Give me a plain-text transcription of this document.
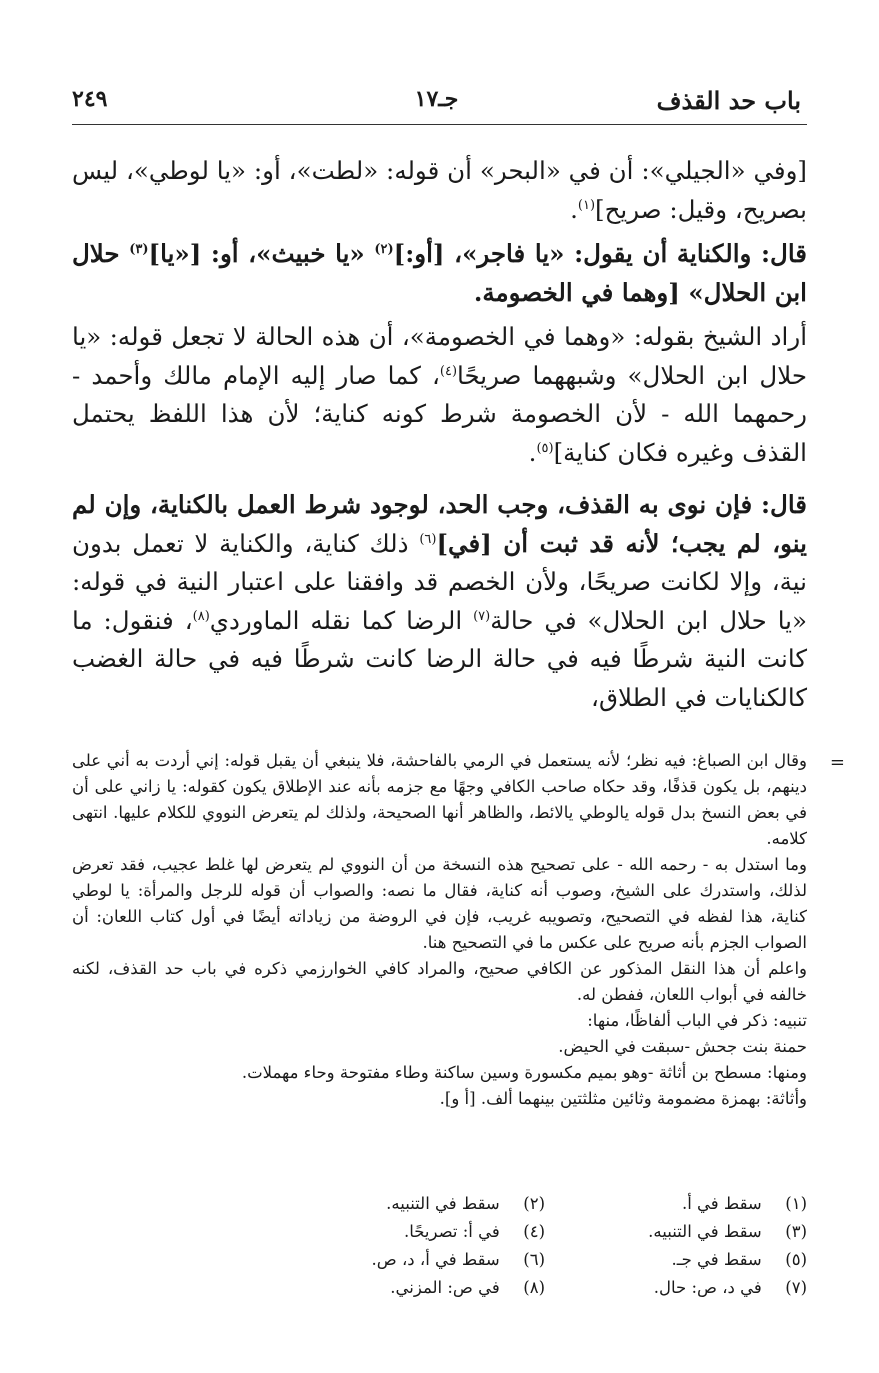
باب حد القذف
جـ١٧
٢٤٩

[وفي «الجيلي»: أن في «البحر» أن قوله: «لطت»، أو: «يا لوطي»، ليس بصريح، وقيل: صريح]$^{(١)}$.

قال: والكناية أن يقول: «يا فاجر»، [أو:]$^{(٢)}$ «يا خبيث»، أو: [«يا]$^{(٣)}$ حلال ابن الحلال» [وهما في الخصومة.

أراد الشيخ بقوله: «وهما في الخصومة»، أن هذه الحالة لا تجعل قوله: «يا حلال ابن الحلال» وشبههما صريحًا$^{(٤)}$، كما صار إليه الإمام مالك وأحمد - رحمهما الله - لأن الخصومة شرط كونه كناية؛ لأن هذا اللفظ يحتمل القذف وغيره فكان كناية]$^{(٥)}$.

قال: فإن نوى به القذف، وجب الحد، لوجود شرط العمل بالكناية، وإن لم ينو، لم يجب؛ لأنه قد ثبت أن [في]$^{(٦)}$ ذلك كناية، والكناية لا تعمل بدون نية، وإلا لكانت صريحًا، ولأن الخصم قد وافقنا على اعتبار النية في قوله: «يا حلال ابن الحلال» في حالة$^{(٧)}$ الرضا كما نقله الماوردي$^{(٨)}$، فنقول: ما كانت النية شرطًا فيه في حالة الرضا كانت شرطًا فيه في حالة الغضب كالكنايات في الطلاق،

=

وقال ابن الصباغ: فيه نظر؛ لأنه يستعمل في الرمي بالفاحشة، فلا ينبغي أن يقبل قوله: إني أردت به أني على دينهم، بل يكون قذفًا، وقد حكاه صاحب الكافي وجهًا مع جزمه بأنه عند الإطلاق يكون كقوله: يا زاني على أن في بعض النسخ بدل قوله يالوطي يالائط، والظاهر أنها الصحيحة، ولذلك لم يتعرض النووي للكلام عليها. انتهى كلامه.

وما استدل به - رحمه الله - على تصحيح هذه النسخة من أن النووي لم يتعرض لها غلط عجيب، فقد تعرض لذلك، واستدرك على الشيخ، وصوب أنه كناية، فقال ما نصه: والصواب أن قوله للرجل والمرأة: يا لوطي كناية، هذا لفظه في التصحيح، وتصويبه غريب، فإن في الروضة من زياداته أيضًا في أول كتاب اللعان: أن الصواب الجزم بأنه صريح على عكس ما في التصحيح هنا.

واعلم أن هذا النقل المذكور عن الكافي صحيح، والمراد كافي الخوارزمي ذكره في باب حد القذف، لكنه خالفه في أبواب اللعان، ففطن له.

تنبيه: ذكر في الباب ألفاظًا، منها:

حمنة بنت جحش -سبقت في الحيض.

ومنها: مسطح بن أثاثة -وهو بميم مكسورة وسين ساكنة وطاء مفتوحة وحاء مهملات.

وأثاثة: بهمزة مضمومة وثائين مثلثتين بينهما ألف. [أ و].

(١) سقط في أ.
(٢) سقط في التنبيه.
(٣) سقط في التنبيه.
(٤) في أ: تصريحًا.
(٥) سقط في جـ.
(٦) سقط في أ، د، ص.
(٧) في د، ص: حال.
(٨) في ص: المزني.
